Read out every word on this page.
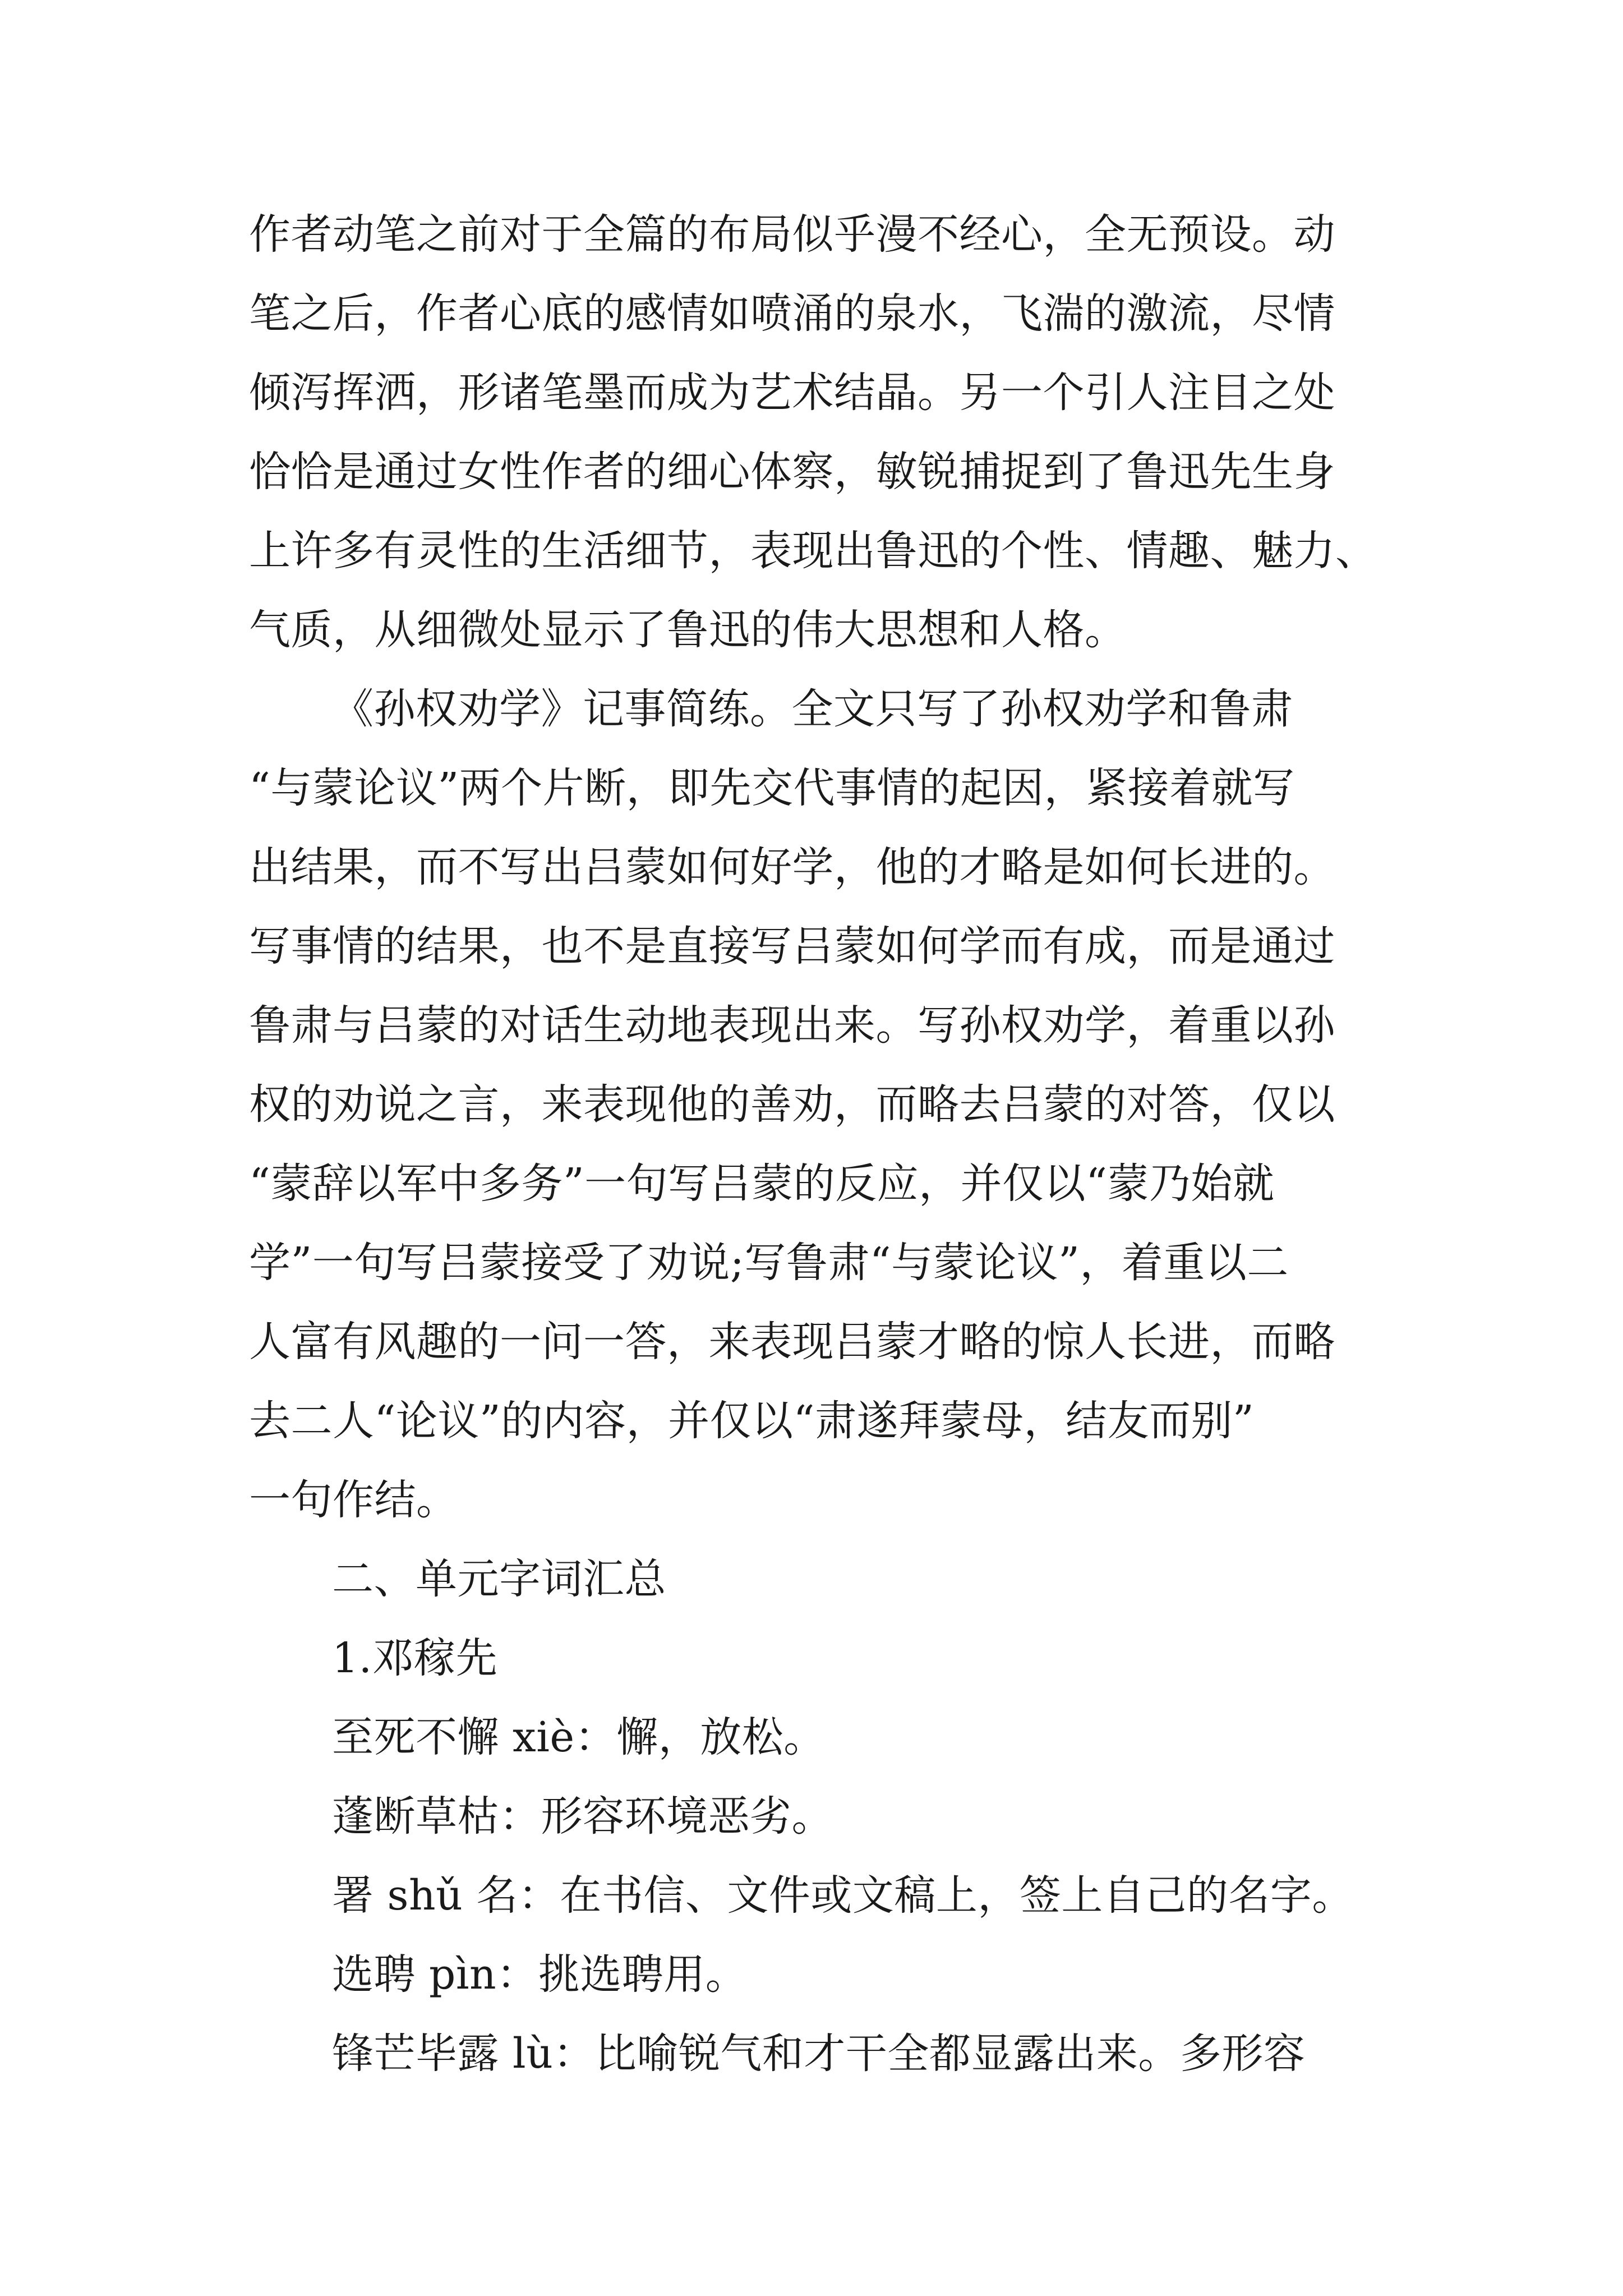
作者动笔之前对于全篇的布局似乎漫不经心，全无预设。动
笔之后，作者心底的感情如喷涌的泉水，飞湍的激流，尽情
倾泻挥洒，形诸笔墨而成为艺术结晶。另一个引人注目之处
恰恰是通过女性作者的细心体察，敏锐捕捉到了鲁迅先生身
上许多有灵性的生活细节，表现出鲁迅的个性、情趣、魅力、
气质，从细微处显示了鲁迅的伟大思想和人格。
《孙权劝学》记事简练。全文只写了孙权劝学和鲁肃
“与蒙论议”两个片断，即先交代事情的起因，紧接着就写
出结果，而不写出吕蒙如何好学，他的才略是如何长进的。
写事情的结果，也不是直接写吕蒙如何学而有成，而是通过
鲁肃与吕蒙的对话生动地表现出来。写孙权劝学，着重以孙
权的劝说之言，来表现他的善劝，而略去吕蒙的对答，仅以
“蒙辞以军中多务”一句写吕蒙的反应，并仅以“蒙乃始就
学”一句写吕蒙接受了劝说;写鲁肃“与蒙论议”，着重以二
人富有风趣的一问一答，来表现吕蒙才略的惊人长进，而略
去二人“论议”的内容，并仅以“肃遂拜蒙母，结友而别”
一句作结。
二、单元字词汇总
1.邓稼先
至死不懈 xiè：懈，放松。
蓬断草枯：形容环境恶劣。
署 shǔ 名：在书信、文件或文稿上，签上自己的名字。
选聘 pìn：挑选聘用。
锋芒毕露 lù：比喻锐气和才干全都显露出来。多形容
